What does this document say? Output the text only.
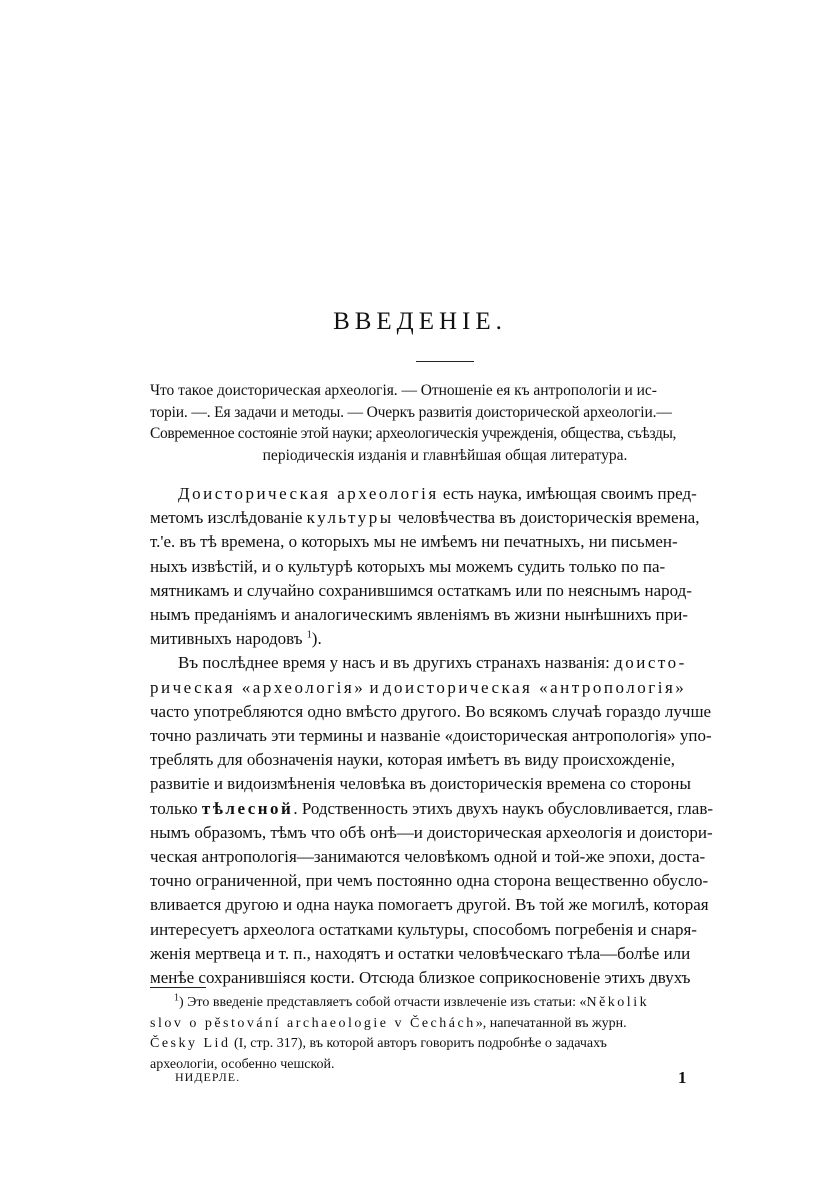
ВВЕДЕНІЕ.
Что такое доисторическая археологія. — Отношеніе ея къ антропологіи и ис-
торіи. —. Ея задачи и методы. — Очеркъ развитія доисторической археологіи.—
Современное состояніе этой науки; археологическія учрежденія, общества, съѣзды,
періодическія изданія и главнѣйшая общая литература.
Доисторическая археологія есть наука, имѣющая своимъ пред-
метомъ изслѣдованіе культуры человѣчества въ доисторическія времена,
т.'е. въ тѣ времена, о которыхъ мы не имѣемъ ни печатныхъ, ни письмен-
ныхъ извѣстій, и о культурѣ которыхъ мы можемъ судить только по па-
мятникамъ и случайно сохранившимся остаткамъ или по неяснымъ народ-
нымъ преданіямъ и аналогическимъ явленіямъ въ жизни нынѣшнихъ при-
митивныхъ народовъ $^1$).
Въ послѣднее время у насъ и въ другихъ странахъ названія: доисто-
рическая «археологія» и доисторическая «антропологія»
часто употребляются одно вмѣсто другого. Во всякомъ случаѣ гораздо лучше
точно различать эти термины и названіе «доисторическая антропологія» упо-
треблять для обозначенія науки, которая имѣетъ въ виду происхожденіе,
развитіе и видоизмѣненія человѣка въ доисторическія времена со стороны
только тѣлесной. Родственность этихъ двухъ наукъ обусловливается, глав-
нымъ образомъ, тѣмъ что обѣ онѣ—и доисторическая археологія и доистори-
ческая антропологія—занимаются человѣкомъ одной и той-же эпохи, доста-
точно ограниченной, при чемъ постоянно одна сторона вещественно обусло-
вливается другою и одна наука помогаетъ другой. Въ той же могилѣ, которая
интересуетъ археолога остатками культуры, способомъ погребенія и снаря-
женія мертвеца и т. п., находятъ и остатки человѣческаго тѣла—болѣе или
менѣе сохранившіяся кости. Отсюда близкое соприкосновеніе этихъ двухъ
$^1$) Это введеніе представляетъ собой отчасти извлеченіе изъ статьи: «Několik
slov o pěstování archaeologie v Čechách», напечатанной въ журн.
Česky Lid (I, стр. 317), въ которой авторъ говоритъ подробнѣе о задачахъ
археологіи, особенно чешской.
НИДЕРЛЕ.	1
